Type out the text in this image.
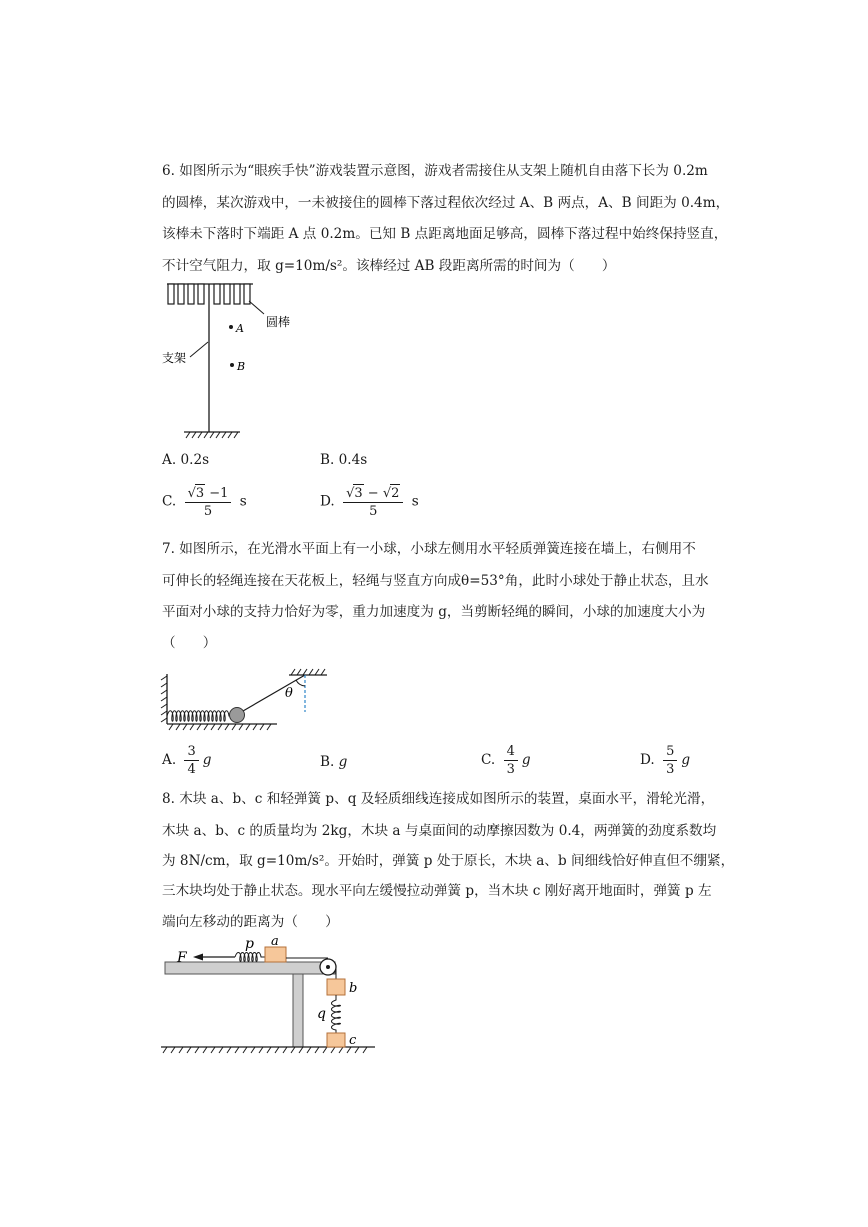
6. 如图所示为“眼疾手快”游戏装置示意图，游戏者需接住从支架上随机自由落下长为 0.2m
的圆棒，某次游戏中，一未被接住的圆棒下落过程依次经过 A、B 两点，A、B 间距为 0.4m，
该棒未下落时下端距 A 点 0.2m。已知 B 点距离地面足够高，圆棒下落过程中始终保持竖直，
不计空气阻力，取 g=10m/s²。该棒经过 AB 段距离所需的时间为（　　）
A
B
圆棒
支架
A. 0.2s	B. 0.4s
C. $\frac{√3 -1}{5}$ s	D. $\frac{√3 - √2}{5}$ s
7. 如图所示，在光滑水平面上有一小球，小球左侧用水平轻质弹簧连接在墙上，右侧用不
可伸长的轻绳连接在天花板上，轻绳与竖直方向成θ=53°角，此时小球处于静止状态，且水
平面对小球的支持力恰好为零，重力加速度为 g，当剪断轻绳的瞬间，小球的加速度大小为
（　　）
θ
A. $\frac{3}{4}$ g	B. g	C. $\frac{4}{3}$ g	D. $\frac{5}{3}$ g
8. 木块 a、b、c 和轻弹簧 p、q 及轻质细线连接成如图所示的装置，桌面水平，滑轮光滑，
木块 a、b、c 的质量均为 2kg，木块 a 与桌面间的动摩擦因数为 0.4，两弹簧的劲度系数均
为 8N/cm，取 g=10m/s²。开始时，弹簧 p 处于原长，木块 a、b 间细线恰好伸直但不绷紧，
三木块均处于静止状态。现水平向左缓慢拉动弹簧 p，当木块 c 刚好离开地面时，弹簧 p 左
端向左移动的距离为（　　）
F
p a
b
q
c
